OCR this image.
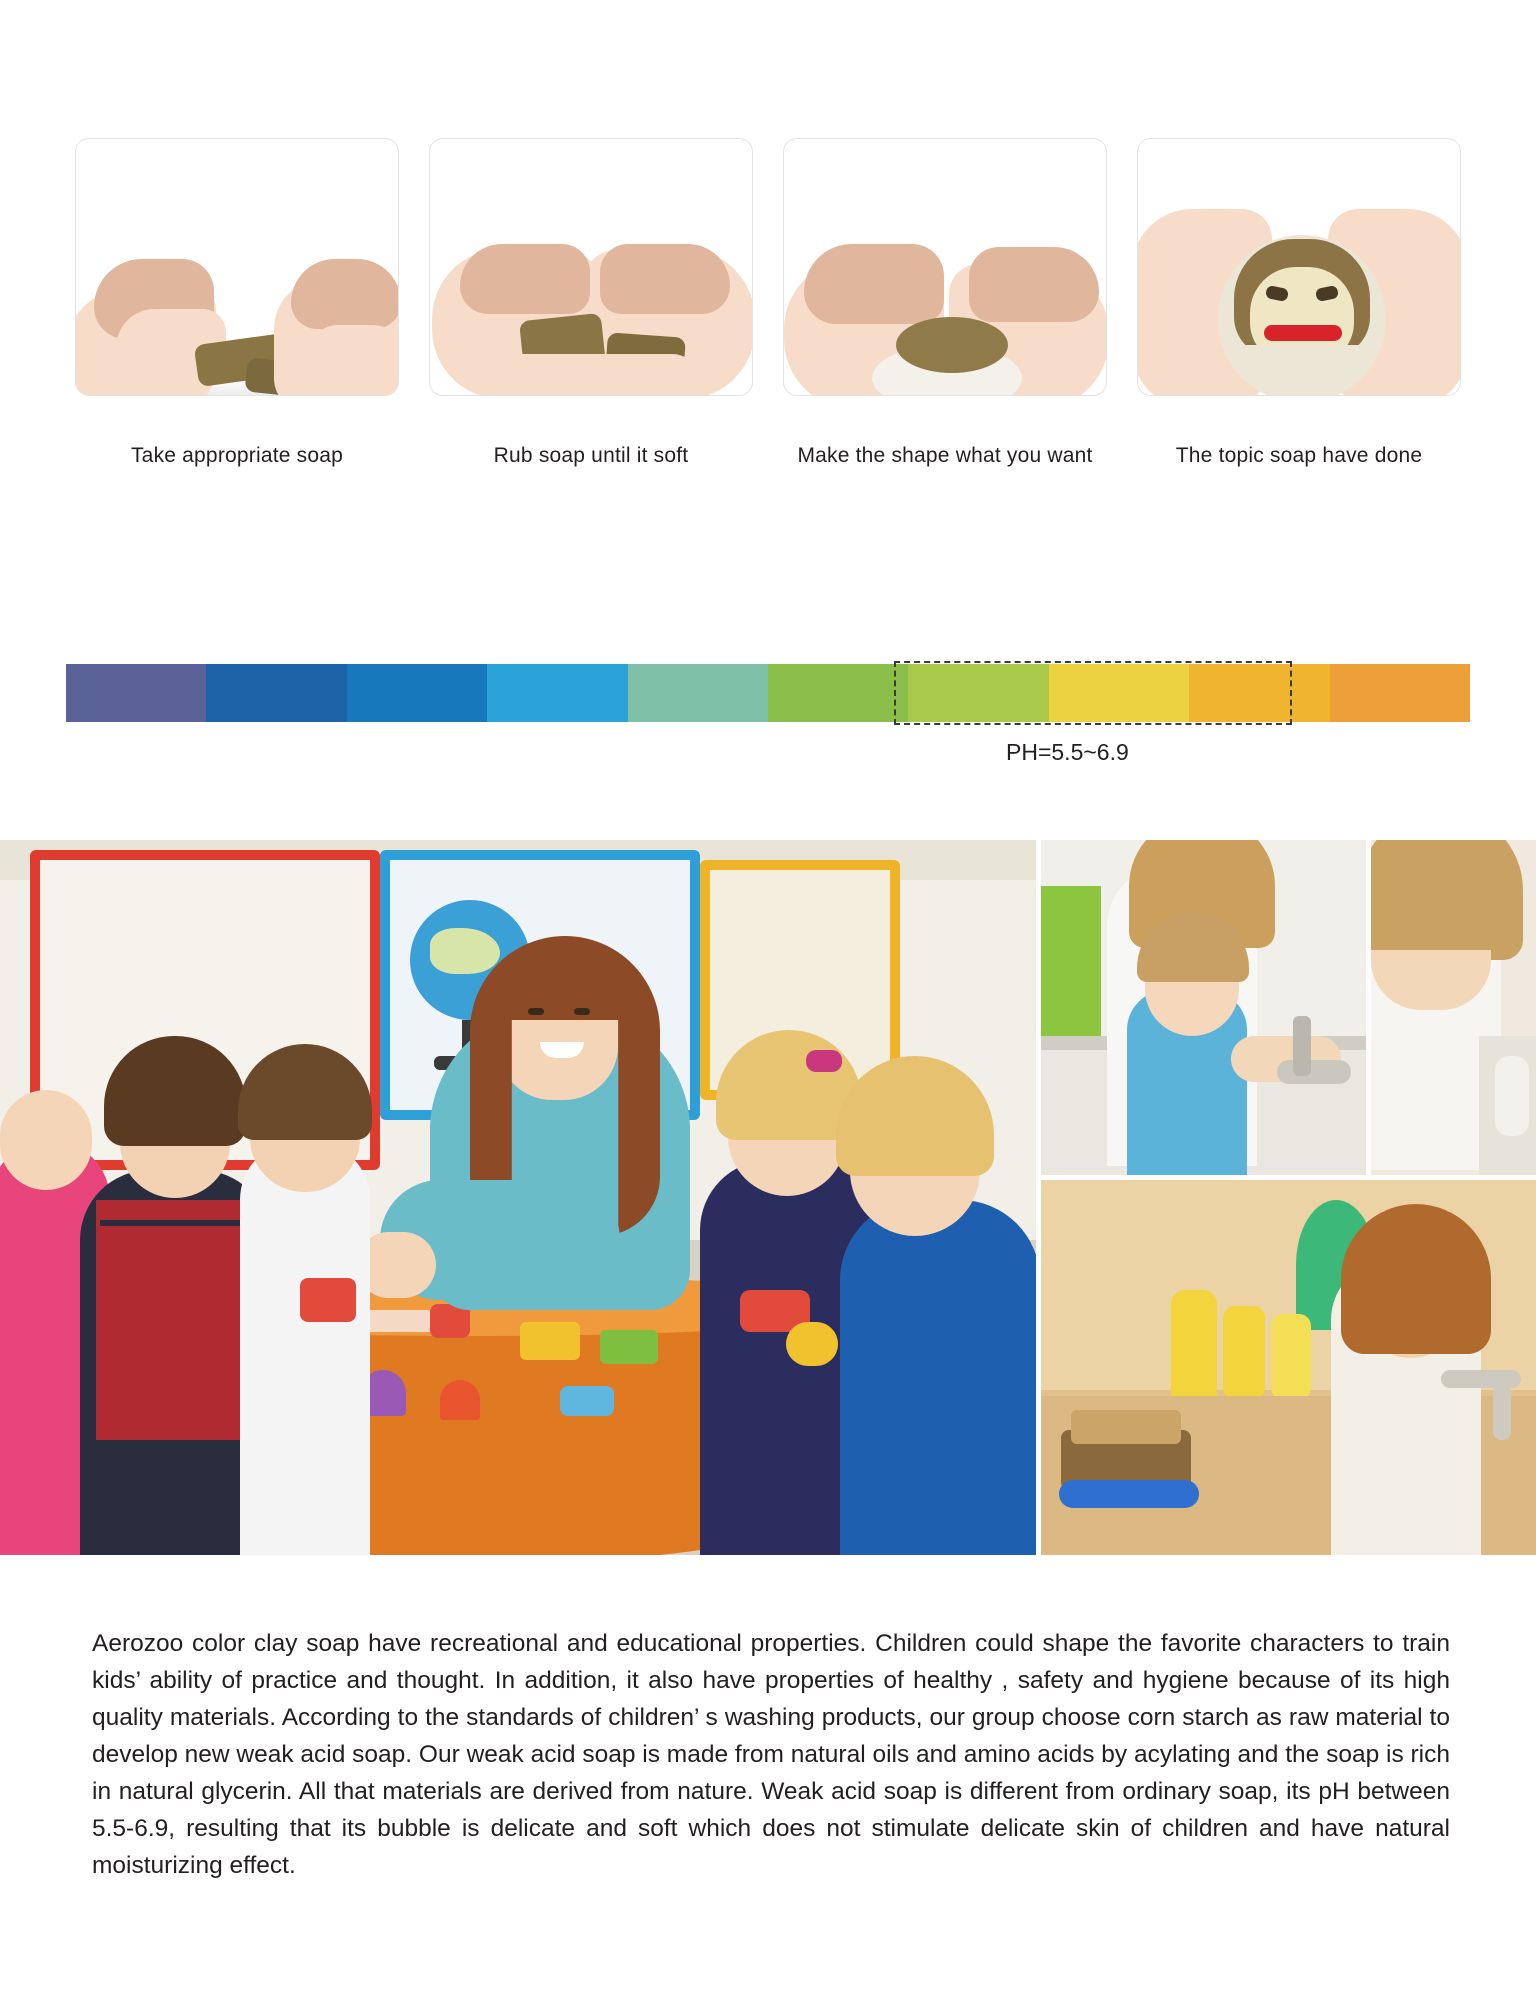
Take appropriate soap	Rub soap until it soft	Make the shape what you want	The topic soap have done
PH=5.5~6.9

Aerozoo color clay soap have recreational and educational properties. Children could shape the favorite characters to train kids’ ability of practice and thought. In addition, it also have properties of healthy , safety and hygiene because of its high quality materials. According to the standards of children’ s washing products, our group choose corn starch as raw material to develop new weak acid soap. Our weak acid soap is made from natural oils and amino acids by acylating and the soap is rich in natural glycerin. All that materials are derived from nature. Weak acid soap is different from ordinary soap, its pH between 5.5-6.9, resulting that its bubble is delicate and soft which does not stimulate delicate skin of children and have natural moisturizing effect.
